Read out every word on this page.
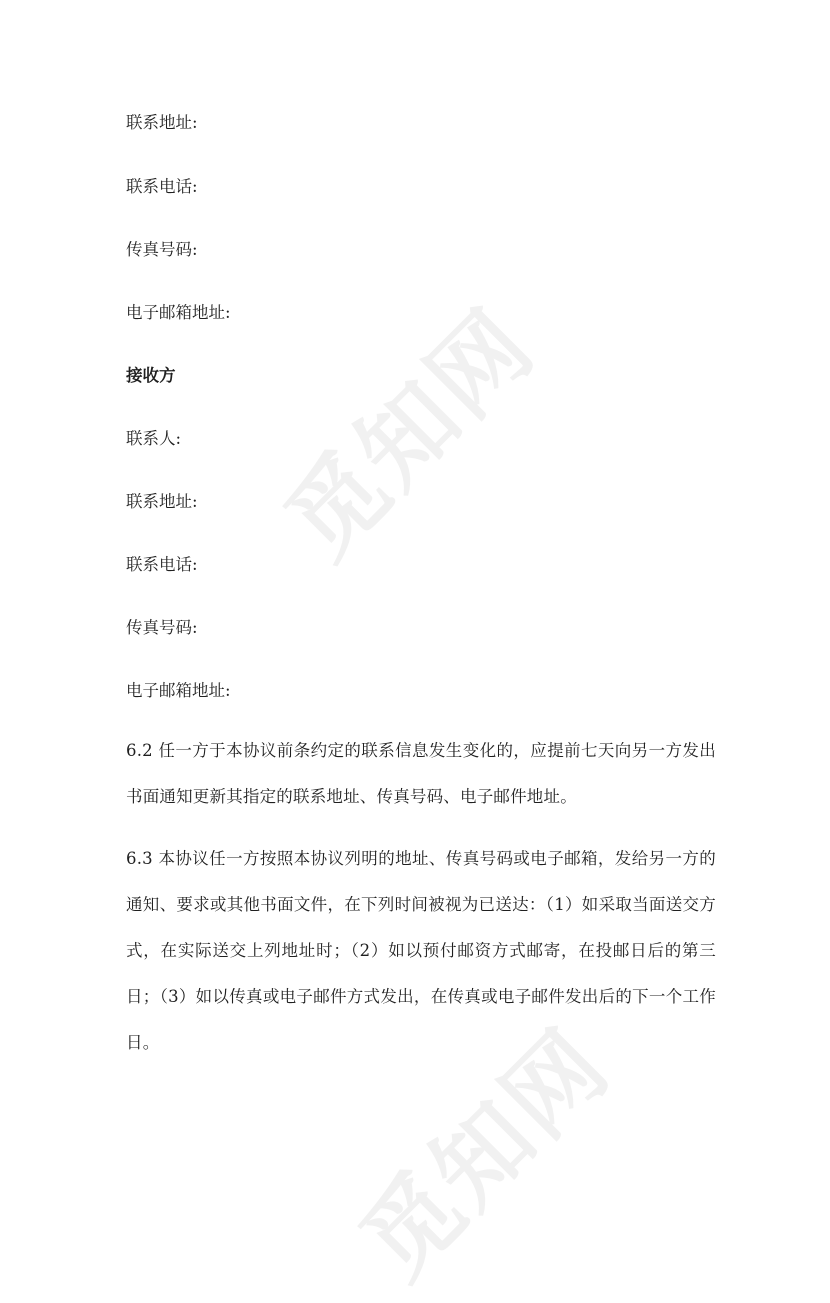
觅知网
觅知网
联系地址:
联系电话:
传真号码:
电子邮箱地址:
接收方
联系人:
联系地址:
联系电话:
传真号码:
电子邮箱地址:
6.2 任一方于本协议前条约定的联系信息发生变化的，应提前七天向另一方发出书面通知更新其指定的联系地址、传真号码、电子邮件地址。
6.3 本协议任一方按照本协议列明的地址、传真号码或电子邮箱，发给另一方的通知、要求或其他书面文件，在下列时间被视为已送达：（1）如采取当面送交方式，在实际送交上列地址时；（2）如以预付邮资方式邮寄，在投邮日后的第三日；（3）如以传真或电子邮件方式发出，在传真或电子邮件发出后的下一个工作日。
